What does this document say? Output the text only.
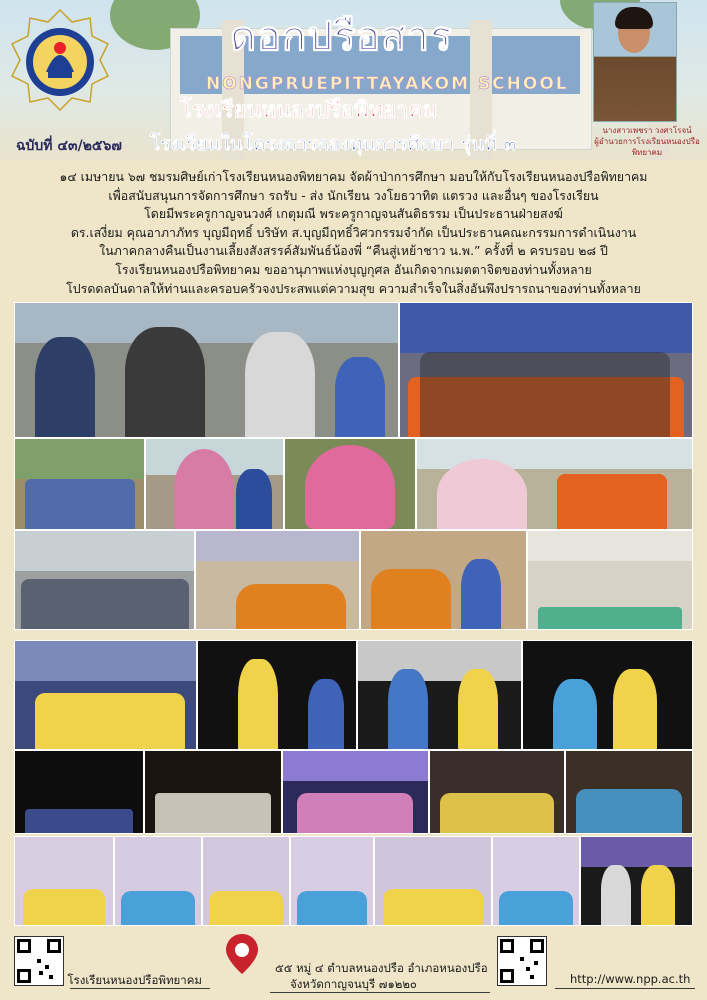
ดอกปรือสาร
NONGPRUEPITTAYAKOM SCHOOL
โรงเรียนหนองปรือพิทยาคม
ฉบับที่ ๔๓/๒๕๖๗ โรงเรียนในโครงการกองทุนการศึกษา รุ่นที่ ๓
นางสาวเพชรา วงศาโรจน์
ผู้อำนวยการโรงเรียนหนองปรือพิทยาคม
๑๔ เมษายน ๖๗ ชมรมศิษย์เก่าโรงเรียนหนองพิทยาคม จัดผ้าป่าการศึกษา มอบให้กับโรงเรียนหนองปรือพิทยาคม
เพื่อสนับสนุนการจัดการศึกษา รถรับ - ส่ง นักเรียน วงโยธวาทิต แตรวง และอื่นๆ ของโรงเรียน
โดยมีพระครูกาญจนวงศ์ เกตุมณี พระครูกาญจนสันติธรรม เป็นประธานฝ่ายสงฆ์
ดร.เสงี่ยม คุณอาภาภัทร บุญมีฤทธิ์ บริษัท ส.บุญมีฤทธิ์วิศวกรรมจำกัด เป็นประธานคณะกรรมการดำเนินงาน
ในภาคกลางคืนเป็นงานเลี้ยงสังสรรค์สัมพันธ์น้องพี่ “คืนสู่เหย้าชาว น.พ.” ครั้งที่ ๒ ครบรอบ ๒๘ ปี
โรงเรียนหนองปรือพิทยาคม ขออานุภาพแห่งบุญกุศล อันเกิดจากเมตตาจิตของท่านทั้งหลาย
โปรดดลบันดาลให้ท่านและครอบครัวจงประสพแต่ความสุข ความสำเร็จในสิ่งอันพึงปรารถนาของท่านทั้งหลาย
โรงเรียนหนองปรือพิทยาคม
๕๕ หมู่ ๔ ตำบลหนองปรือ อำเภอหนองปรือ
จังหวัดกาญจนบุรี ๗๑๒๒๐	http://www.npp.ac.th
